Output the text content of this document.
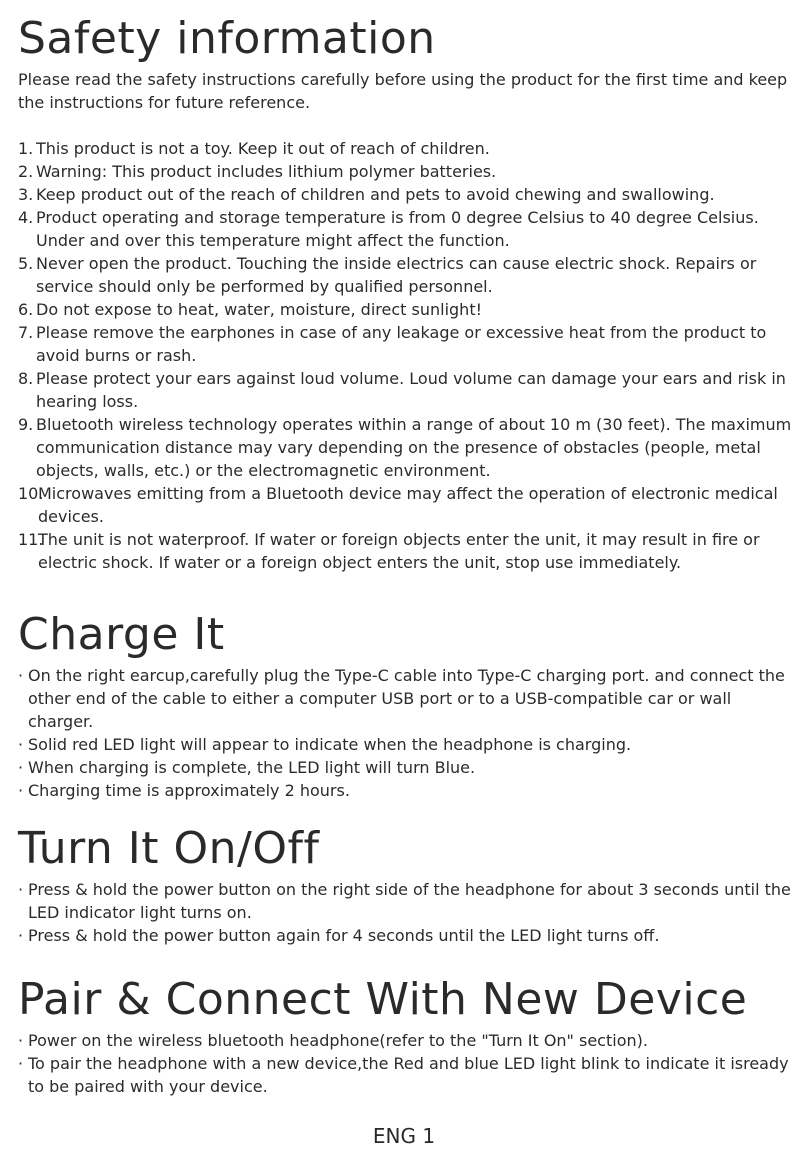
Safety information

Please read the safety instructions carefully before using the product for the first time and keep the instructions for future reference.

1. This product is not a toy. Keep it out of reach of children.
2. Warning: This product includes lithium polymer batteries.
3. Keep product out of the reach of children and pets to avoid chewing and swallowing.
4. Product operating and storage temperature is from 0 degree Celsius to 40 degree Celsius. Under and over this temperature might affect the function.
5. Never open the product. Touching the inside electrics can cause electric shock. Repairs or service should only be performed by qualified personnel.
6. Do not expose to heat, water, moisture, direct sunlight!
7. Please remove the earphones in case of any leakage or excessive heat from the product to avoid burns or rash.
8. Please protect your ears against loud volume. Loud volume can damage your ears and risk in hearing loss.
9. Bluetooth wireless technology operates within a range of about 10 m (30 feet). The maximum communication distance may vary depending on the presence of obstacles (people, metal objects, walls, etc.) or the electromagnetic environment.
10.
Microwaves emitting from a Bluetooth device may affect the operation of electronic medical devices.
11.
The unit is not waterproof. If water or foreign objects enter the unit, it may result in fire or electric shock. If water or a foreign object enters the unit, stop use immediately.
Charge It
· On the right earcup,carefully plug the Type-C cable into Type-C charging port. and connect the other end of the cable to either a computer USB port or to a USB-compatible car or wall charger.
· Solid red LED light will appear to indicate when the headphone is charging.
· When charging is complete, the LED light will turn Blue.
· Charging time is approximately 2 hours.
Turn It On/Off
· Press & hold the power button on the right side of the headphone for about 3 seconds until the LED indicator light turns on.
· Press & hold the power button again for 4 seconds until the LED light turns off.
Pair & Connect With New Device
· Power on the wireless bluetooth headphone(refer to the "Turn It On" section).
· To pair the headphone with a new device,the Red and blue LED light blink to indicate it isready to be paired with your device.
ENG 1
